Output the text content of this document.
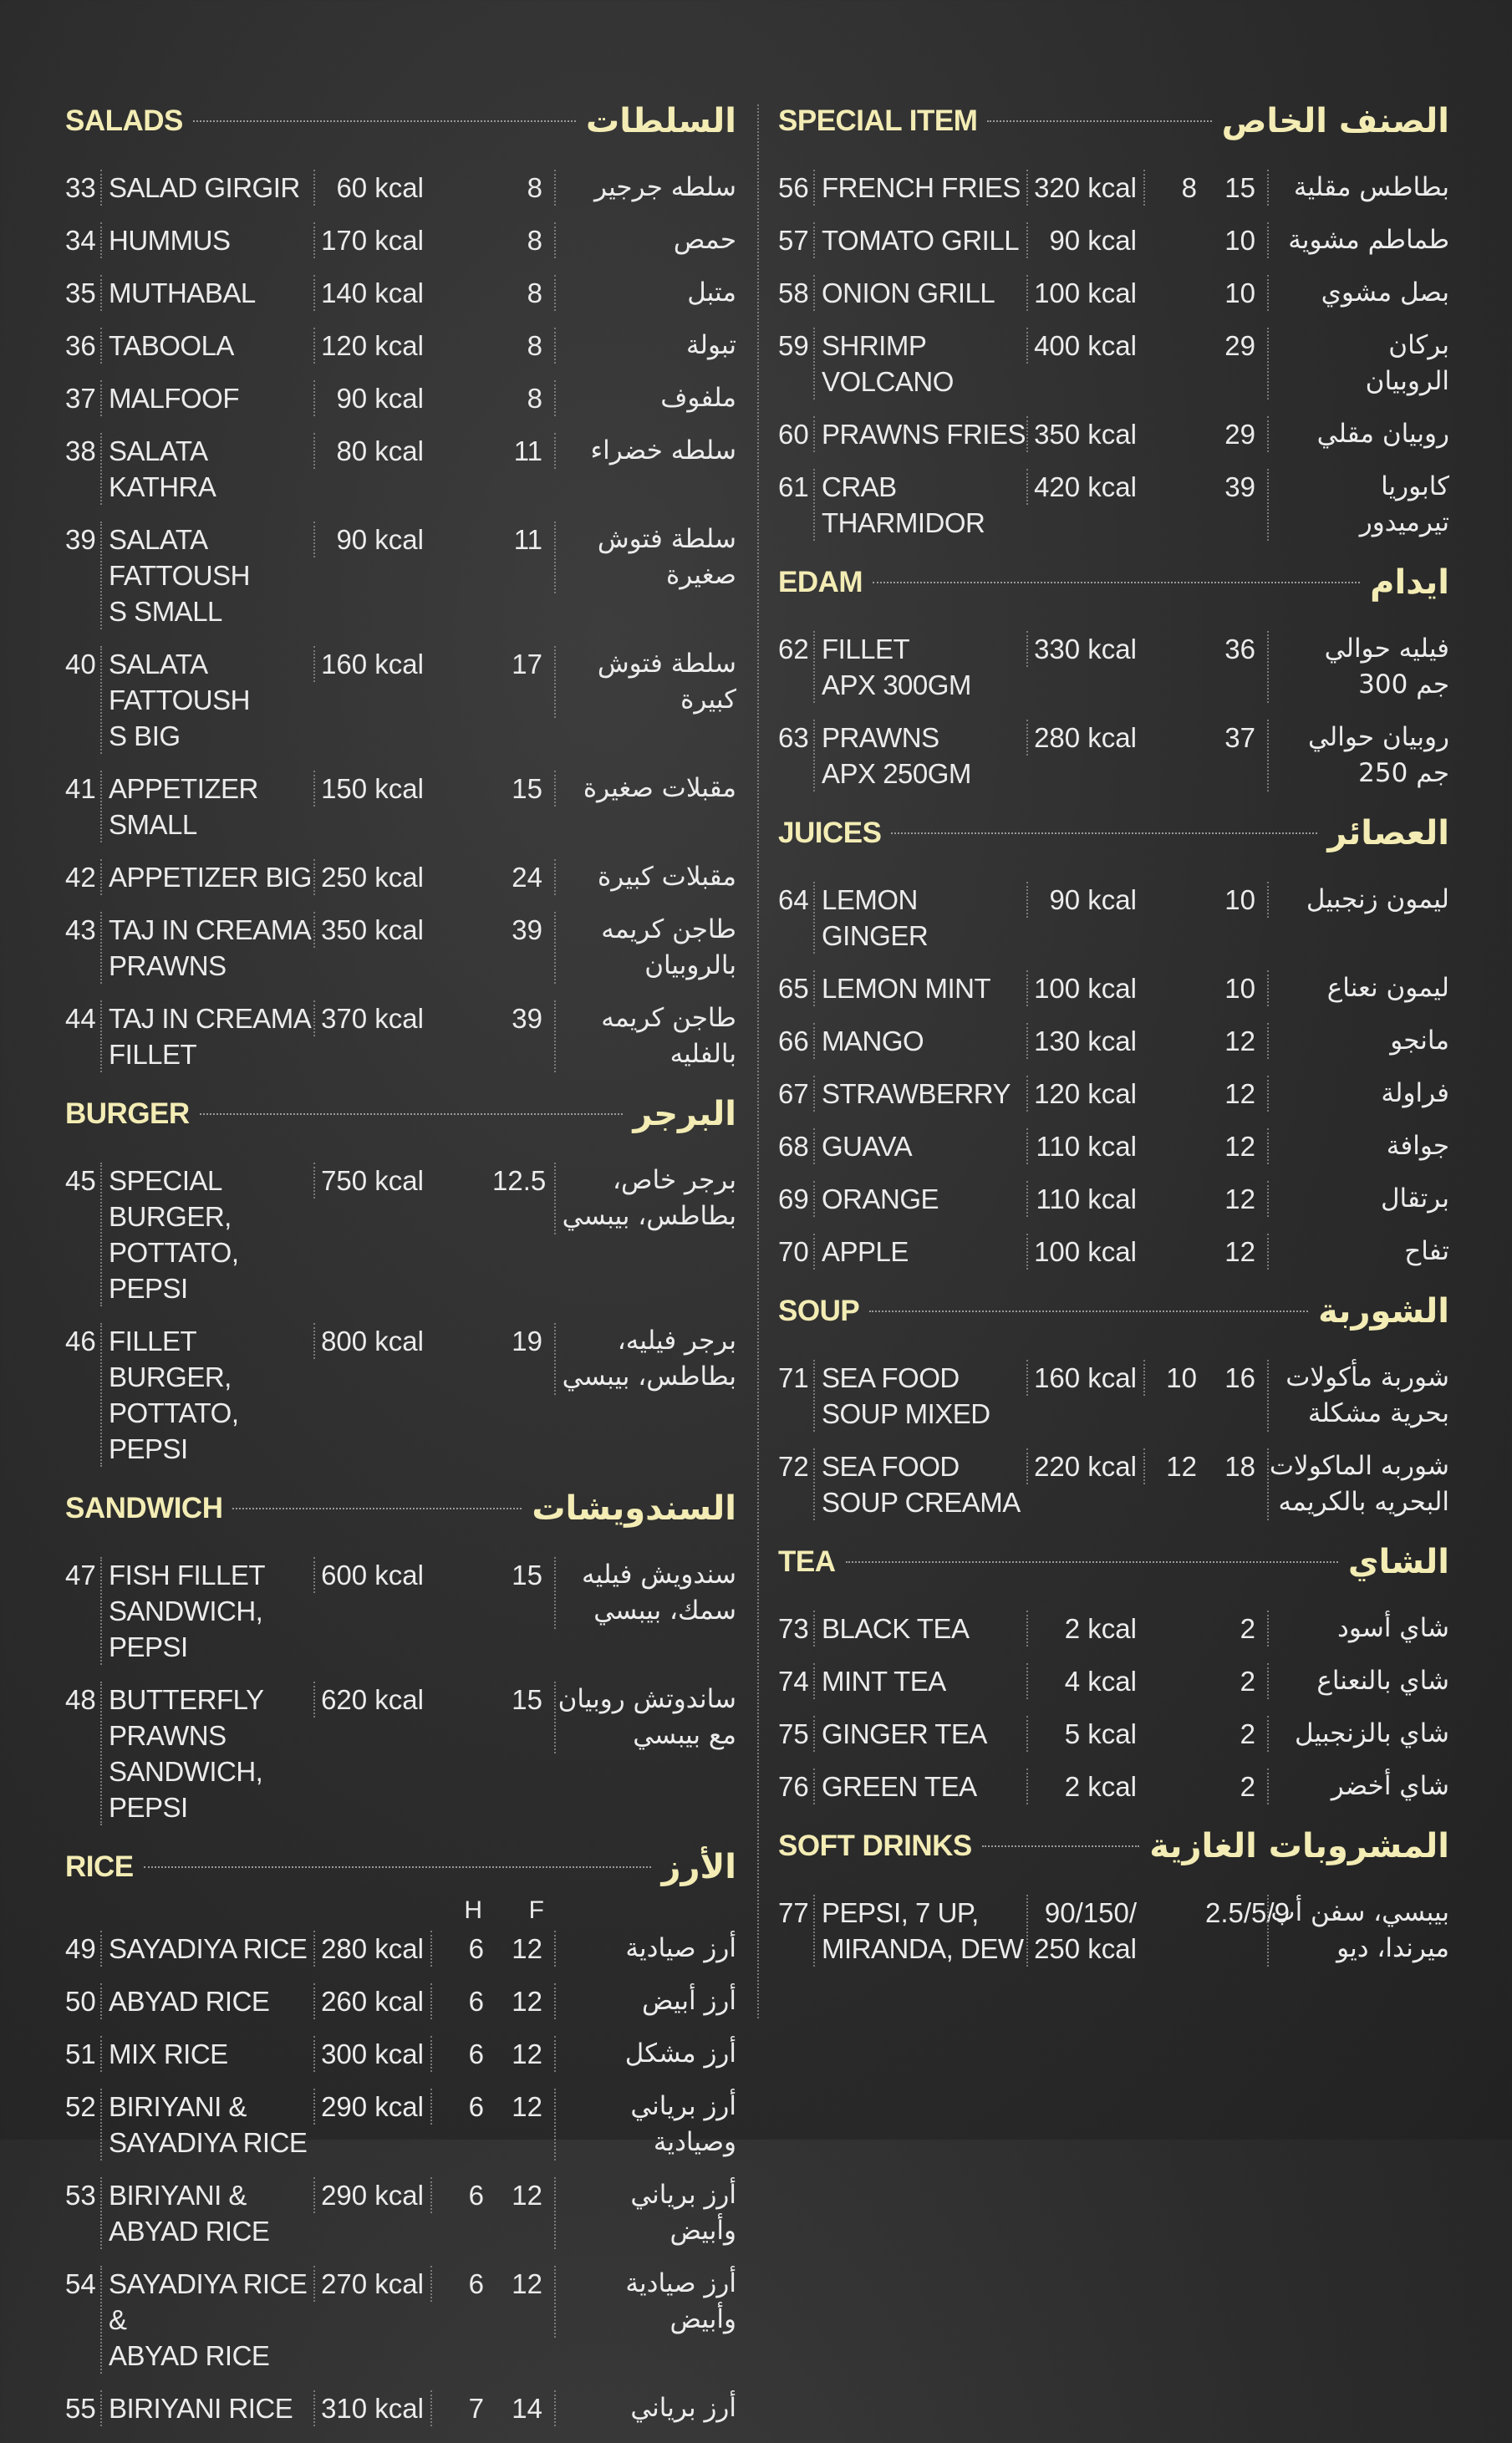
SALADS	السلطات
33 SALAD GIRGIR	60 kcal	8	سلطه جرجير
34 HUMMUS	170 kcal	8	حمص
35 MUTHABAL	140 kcal	8	متبل
36 TABOOLA	120 kcal	8	تبولة
37 MALFOOF	90 kcal	8	ملفوف
38 SALATA KATHRA
80 kcal	11	سلطه خضراء
39 SALATA FATTOUSH
S SMALL
90 kcal	11	سلطة فتوش
صغيرة
40 SALATA FATTOUSH
S BIG
160 kcal	17	سلطة فتوش
كبيرة
41 APPETIZER SMALL
150 kcal	15	مقبلات صغيرة
42 APPETIZER BIG 250 kcal	24	مقبلات كبيرة
43 TAJ IN CREAMA
PRAWNS
350 kcal	39	طاجن كريمه
بالروبيان
44 TAJ IN CREAMA
FILLET
370 kcal	39	طاجن كريمه
بالفليه
BURGER	البرجر
45 SPECIAL BURGER,
POTTATO, PEPSI
750 kcal 12.5	برجر خاص،
بطاطس، بيبسي
46 FILLET BURGER,
POTTATO, PEPSI
800 kcal	19	برجر فيليه،
بطاطس، بيبسي
SANDWICH	السندويشات
47 FISH FILLET
SANDWICH, PEPSI
600 kcal	15	سندويش فيليه
سمك، بيبسي
48 BUTTERFLY PRAWNS
SANDWICH, PEPSI
620 kcal	15	ساندوتش روبيان
مع بيبسي
RICE	الأرز
H	F
49 SAYADIYA RICE 280 kcal	6	12	أرز صيادية
50 ABYAD RICE	260 kcal	6	12	أرز أبيض
51 MIX RICE	300 kcal	6	12	أرز مشكل
52 BIRIYANI &
SAYADIYA RICE
290 kcal	6	12	أرز برياني
وصيادية
53 BIRIYANI &
ABYAD RICE
290 kcal	6	12	أرز برياني
وأبيض
54 SAYADIYA RICE &
ABYAD RICE
270 kcal	6	12	أرز صيادية
وأبيض
55 BIRIYANI RICE	310 kcal	7	14	أرز برياني
SPECIAL ITEM	الصنف الخاص
56 FRENCH FRIES 320 kcal	8	15	بطاطس مقلية
57 TOMATO GRILL	90 kcal	10	طماطم مشوية
58 ONION GRILL	100 kcal	10	بصل مشوي
59 SHRIMP
VOLCANO
400 kcal	29	بركان
الروبيان
60 PRAWNS FRIES 350 kcal	29	روبيان مقلي
61 CRAB
THARMIDOR
420 kcal	39	كابوريا
تيرميدور
EDAM	ايدام
62 FILLET
APX 300GM
330 kcal	36	فيليه حوالي
جم 300
63 PRAWNS
APX 250GM
280 kcal	37	روبيان حوالي
جم 250
JUICES	العصائر
64 LEMON GINGER
90 kcal	10	ليمون زنجبيل
65 LEMON MINT	100 kcal	10	ليمون نعناع
66 MANGO	130 kcal	12	مانجو
67 STRAWBERRY 120 kcal	12	فراولة
68 GUAVA	110 kcal	12	جوافة
69 ORANGE	110 kcal	12	برتقال
70 APPLE	100 kcal	12	تفاح
SOUP	الشوربة
71 SEA FOOD
SOUP MIXED
160 kcal	10	16	شوربة مأكولات
بحرية مشكلة
72 SEA FOOD
SOUP CREAMA
220 kcal	12	18	شوربه الماكولات
البحريه بالكريمه
TEA	الشاي
73 BLACK TEA	2 kcal	2	شاي أسود
74 MINT TEA	4 kcal	2	شاي بالنعناع
75 GINGER TEA	5 kcal	2	شاي بالزنجبيل
76 GREEN TEA	2 kcal	2	شاي أخضر
SOFT DRINKS	المشروبات الغازية
77 PEPSI, 7 UP,
MIRANDA, DEW
90/150/
250 kcal
2.5/5/9	بيبسي، سفن أب
ميرندا، ديو
